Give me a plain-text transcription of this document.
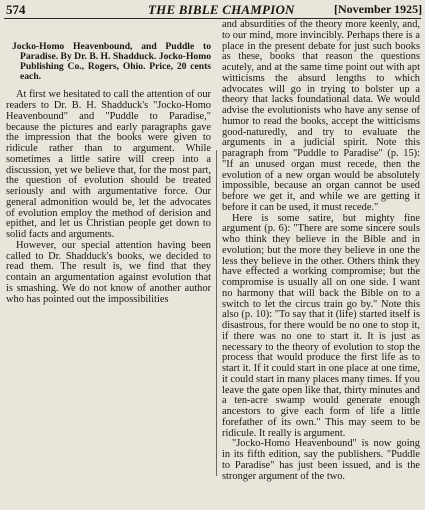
574	THE BIBLE CHAMPION	[November 1925]
Jocko-Homo Heavenbound, and Puddle to Paradise. By Dr. B. H. Shadduck. Jocko-Homo Publishing Co., Rogers, Ohio. Price, 20 cents each.

At first we hesitated to call the attention of our readers to Dr. B. H. Shadduck's "Jocko-Homo Heavenbound" and "Puddle to Paradise," because the pictures and early paragraphs gave the impression that the books were given to ridicule rather than to argument. While sometimes a little satire will creep into a discussion, yet we believe that, for the most part, the question of evolution should be treated seriously and with argumentative force. Our general admonition would be, let the advocates of evolution employ the method of derision and epithet, and let us Christian people get down to solid facts and arguments.

However, our special attention having been called to Dr. Shadduck's books, we decided to read them. The result is, we find that they contain an argumentation against evolution that is smashing. We do not know of another author who has pointed out the impossibilities

and absurdities of the theory more keenly, and, to our mind, more invincibly. Perhaps there is a place in the present debate for just such books as these, books that reason the questions acutely, and at the same time point out with apt witticisms the absurd lengths to which advocates will go in trying to bolster up a theory that lacks foundational data. We would advise the evolutionists who have any sense of humor to read the books, accept the witticisms good-naturedly, and try to evaluate the arguments in a judicial spirit. Note this paragraph from "Puddle to Paradise" (p. 15): "If an unused organ must recede, then the evolution of a new organ would be absolutely impossible, because an organ cannot be used before we get it, and while we are getting it before it can be used, it must recede."

Here is some satire, but mighty fine argument (p. 6): "There are some sincere souls who think they believe in the Bible and in evolution; but the more they believe in one the less they believe in the other. Others think they have effected a working compromise; but the compromise is usually all on one side. I want no harmony that will back the Bible on to a switch to let the circus train go by." Note this also (p. 10): "To say that it (life) started itself is disastrous, for there would be no one to stop it, if there was no one to start it. It is just as necessary to the theory of evolution to stop the process that would produce the first life as to start it. If it could start in one place at one time, it could start in many places many times. If you leave the gate open like that, thirty minutes and a ten-acre swamp would generate enough ancestors to give each form of life a little forefather of its own." This may seem to be ridicule. It really is argument.

"Jocko-Homo Heavenbound" is now going in its fifth edition, say the publishers. "Puddle to Paradise" has just been issued, and is the stronger argument of the two.
